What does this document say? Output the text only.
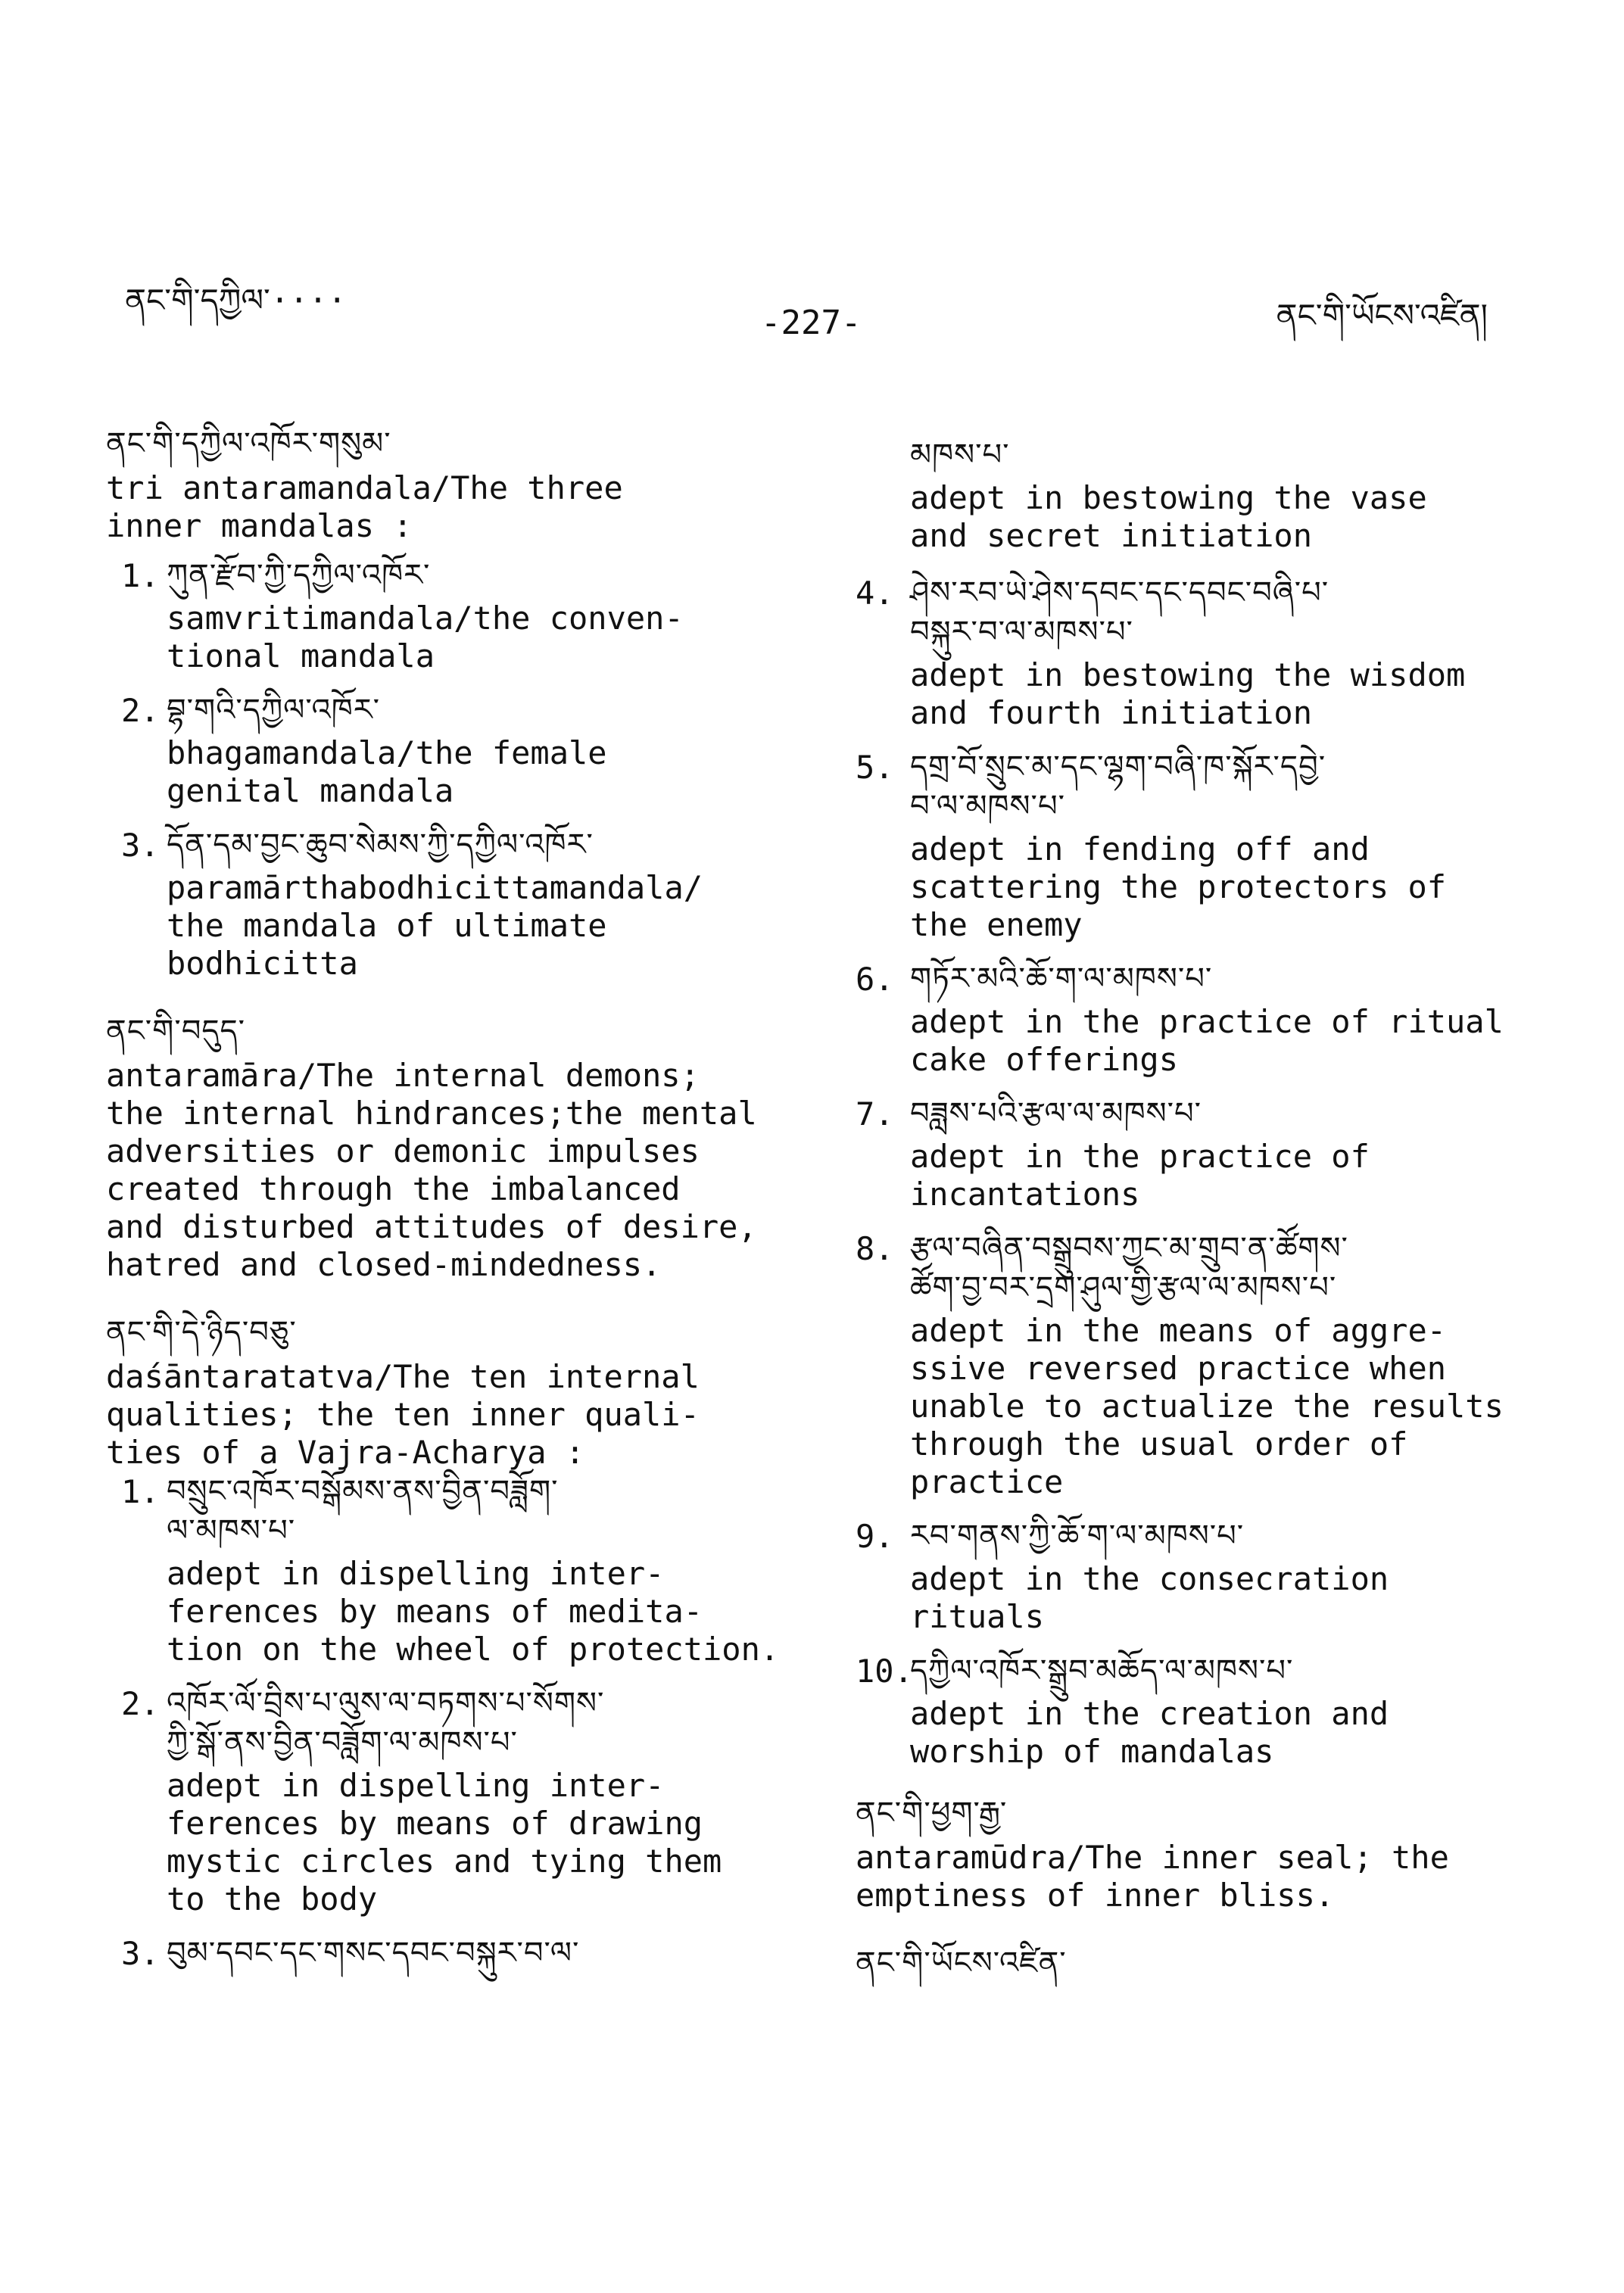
ནང་གི་དཀྱིལ་····
-227-	ནང་གི་ཡོངས་འཛིན།
ནང་གི་དཀྱིལ་འཁོར་གསུམ་
tri antaramandala/The three
inner mandalas :
1. ཀུན་རྫོབ་ཀྱི་དཀྱིལ་འཁོར་
samvritimandala/the conven-
tional mandala
2. བྷ་གའི་དཀྱིལ་འཁོར་
bhagamandala/the female
genital mandala
3. དོན་དམ་བྱང་ཆུབ་སེམས་ཀྱི་དཀྱིལ་འཁོར་
paramārthabodhicittamandala/
the mandala of ultimate
bodhicitta
ནང་གི་བདུད་
antaramāra/The internal demons;
the internal hindrances;the mental
adversities or demonic impulses
created through the imbalanced
and disturbed attitudes of desire,
hatred and closed-mindedness.
ནང་གི་དེ་ཉིད་བཅུ་
daśāntaratatva/The ten internal
qualities; the ten inner quali-
ties of a Vajra-Acharya :
1. བསྲུང་འཁོར་བསྒོམས་ནས་བྱིན་བཟློག་
ལ་མཁས་པ་
adept in dispelling inter-
ferences by means of medita-
tion on the wheel of protection.
2. འཁོར་ལོ་བྲིས་པ་ལུས་ལ་བཏགས་པ་སོགས་
ཀྱི་སྒོ་ནས་བྱིན་བཟློག་ལ་མཁས་པ་
adept in dispelling inter-
ferences by means of drawing
mystic circles and tying them
to the body
3. བུམ་དབང་དང་གསང་དབང་བསྐུར་བ་ལ་
མཁས་པ་
adept in bestowing the vase
and secret initiation
4. ཤེས་རབ་ཡེ་ཤེས་དབང་དང་དབང་བཞི་པ་
བསྐུར་བ་ལ་མཁས་པ་
adept in bestowing the wisdom
and fourth initiation
5. དགྲ་བོ་སྲུང་མ་དང་ལྷག་བཞི་ཁ་སྐོར་དབྱེ་
བ་ལ་མཁས་པ་
adept in fending off and
scattering the protectors of
the enemy
6. གཏོར་མའི་ཆོ་ག་ལ་མཁས་པ་
adept in the practice of ritual
cake offerings
7. བཟླས་པའི་རྩལ་ལ་མཁས་པ་
adept in the practice of
incantations
8. རྩལ་བཞིན་བསྒྲུབས་ཀྱང་མ་གྲུབ་ན་ཚོགས་
ཚོག་བྱ་བར་དྲག་ཤུལ་གྱི་རྩལ་ལ་མཁས་པ་
adept in the means of aggre-
ssive reversed practice when
unable to actualize the results
through the usual order of
practice
9. རབ་གནས་ཀྱི་ཆོ་ག་ལ་མཁས་པ་
adept in the consecration
rituals
10.
དཀྱིལ་འཁོར་སྒྲུབ་མཆོད་ལ་མཁས་པ་
adept in the creation and
worship of mandalas
ནང་གི་ཕྱག་རྒྱ་
antaramūdra/The inner seal; the
emptiness of inner bliss.
ནང་གི་ཡོངས་འཛིན་
